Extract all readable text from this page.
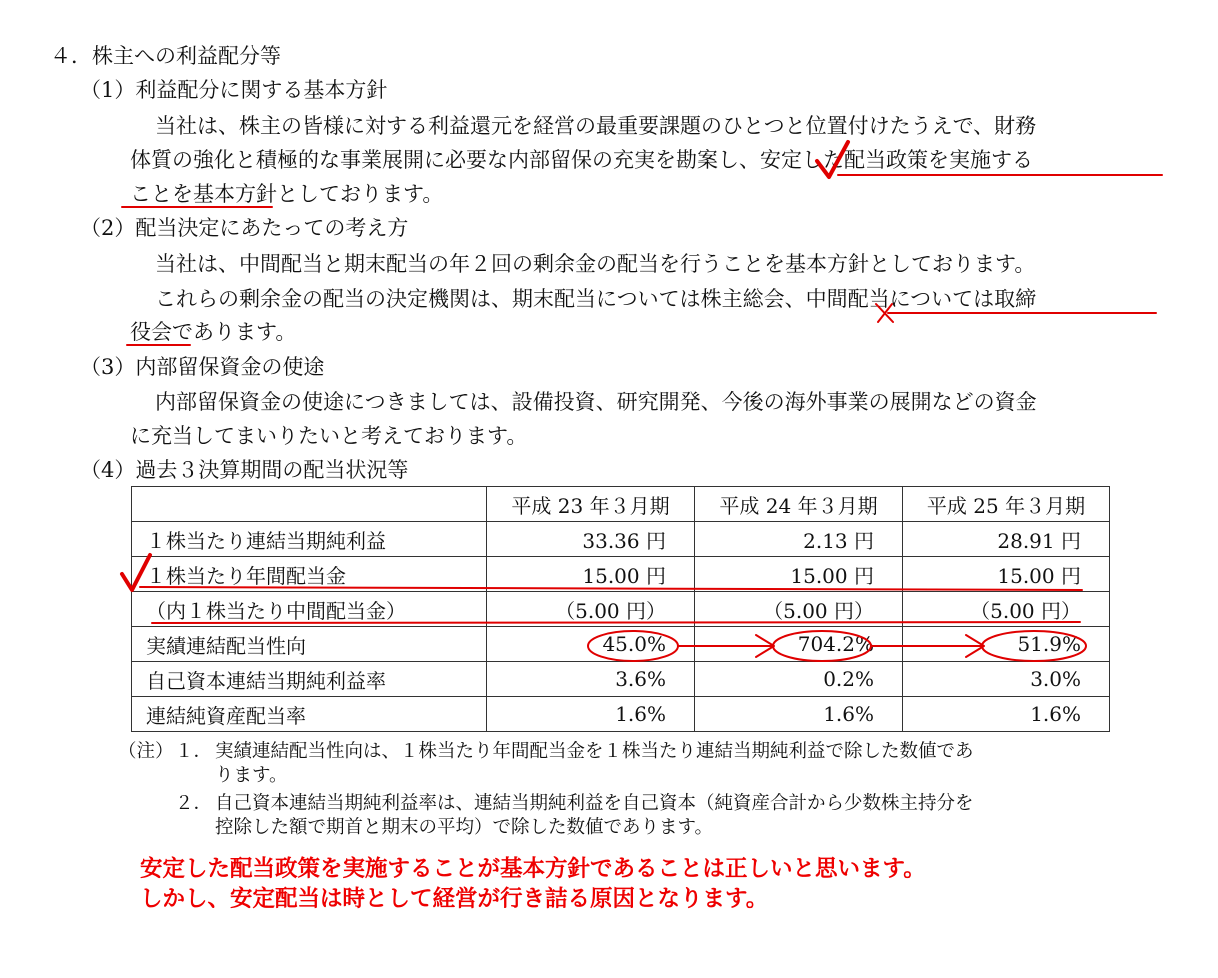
４．株主への利益配分等
（1）利益配分に関する基本方針
当社は、株主の皆様に対する利益還元を経営の最重要課題のひとつと位置付けたうえで、財務
体質の強化と積極的な事業展開に必要な内部留保の充実を勘案し、安定した配当政策を実施する
ことを基本方針としております。
（2）配当決定にあたっての考え方
当社は、中間配当と期末配当の年２回の剰余金の配当を行うことを基本方針としております。
これらの剰余金の配当の決定機関は、期末配当については株主総会、中間配当については取締
役会であります。
（3）内部留保資金の使途
内部留保資金の使途につきましては、設備投資、研究開発、今後の海外事業の展開などの資金
に充当してまいりたいと考えております。
（4）過去３決算期間の配当状況等
	平成 23 年３月期	平成 24 年３月期	平成 25 年３月期
１株当たり連結当期純利益	33.36 円	2.13 円	28.91 円
１株当たり年間配当金	15.00 円	15.00 円	15.00 円
（内１株当たり中間配当金）	（5.00 円）	（5.00 円）	（5.00 円）
実績連結配当性向	45.0%	704.2%	51.9%
自己資本連結当期純利益率	3.6%	0.2%	3.0%
連結純資産配当率	1.6%	1.6%	1.6%
（注） １． 実績連結配当性向は、１株当たり年間配当金を１株当たり連結当期純利益で除した数値であ
ります。
２． 自己資本連結当期純利益率は、連結当期純利益を自己資本（純資産合計から少数株主持分を
控除した額で期首と期末の平均）で除した数値であります。
安定した配当政策を実施することが基本方針であることは正しいと思います。
しかし、安定配当は時として経営が行き詰る原因となります。
